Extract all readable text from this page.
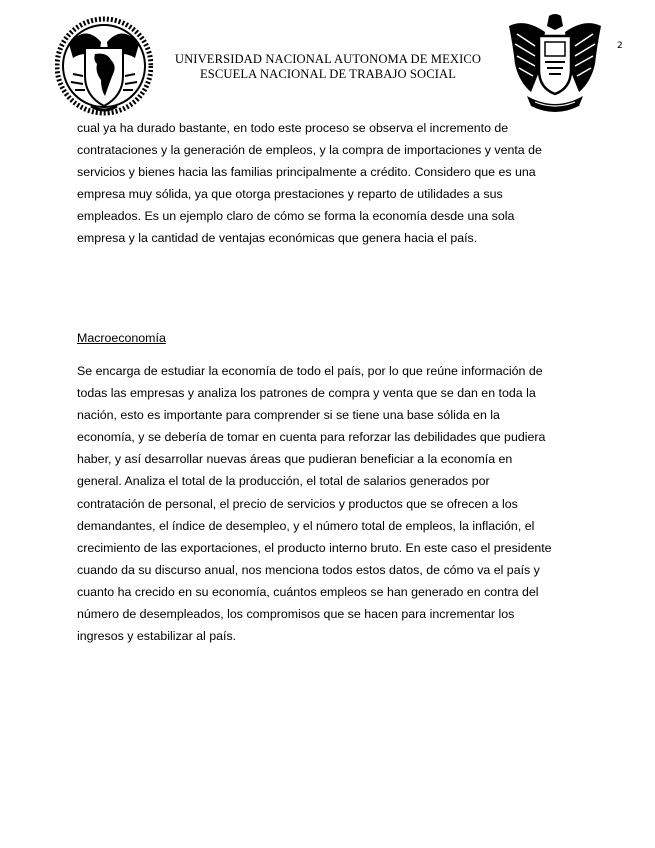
UNIVERSIDAD NACIONAL AUTONOMA DE MEXICO
ESCUELA NACIONAL DE TRABAJO SOCIAL
2
cual ya ha durado bastante, en todo este proceso se observa el incremento de
contrataciones y la generación de empleos, y la compra de importaciones y venta de
servicios y bienes hacia las familias principalmente a crédito. Considero que es una
empresa muy sólida, ya que otorga prestaciones y reparto de utilidades a sus
empleados. Es un ejemplo claro de cómo se forma la economía desde una sola
empresa y la cantidad de ventajas económicas que genera hacia el país.

Macroeconomía

Se encarga de estudiar la economía de todo el país, por lo que reúne información de
todas las empresas y analiza los patrones de compra y venta que se dan en toda la
nación, esto es importante para comprender si se tiene una base sólida en la
economía, y se debería de tomar en cuenta para reforzar las debilidades que pudiera
haber, y así desarrollar nuevas áreas que pudieran beneficiar a la economía en
general. Analiza el total de la producción, el total de salarios generados por
contratación de personal, el precio de servicios y productos que se ofrecen a los
demandantes, el índice de desempleo, y el número total de empleos, la inflación, el
crecimiento de las exportaciones, el producto interno bruto. En este caso el presidente
cuando da su discurso anual, nos menciona todos estos datos, de cómo va el país y
cuanto ha crecido en su economía, cuántos empleos se han generado en contra del
número de desempleados, los compromisos que se hacen para incrementar los
ingresos y estabilizar al país.
